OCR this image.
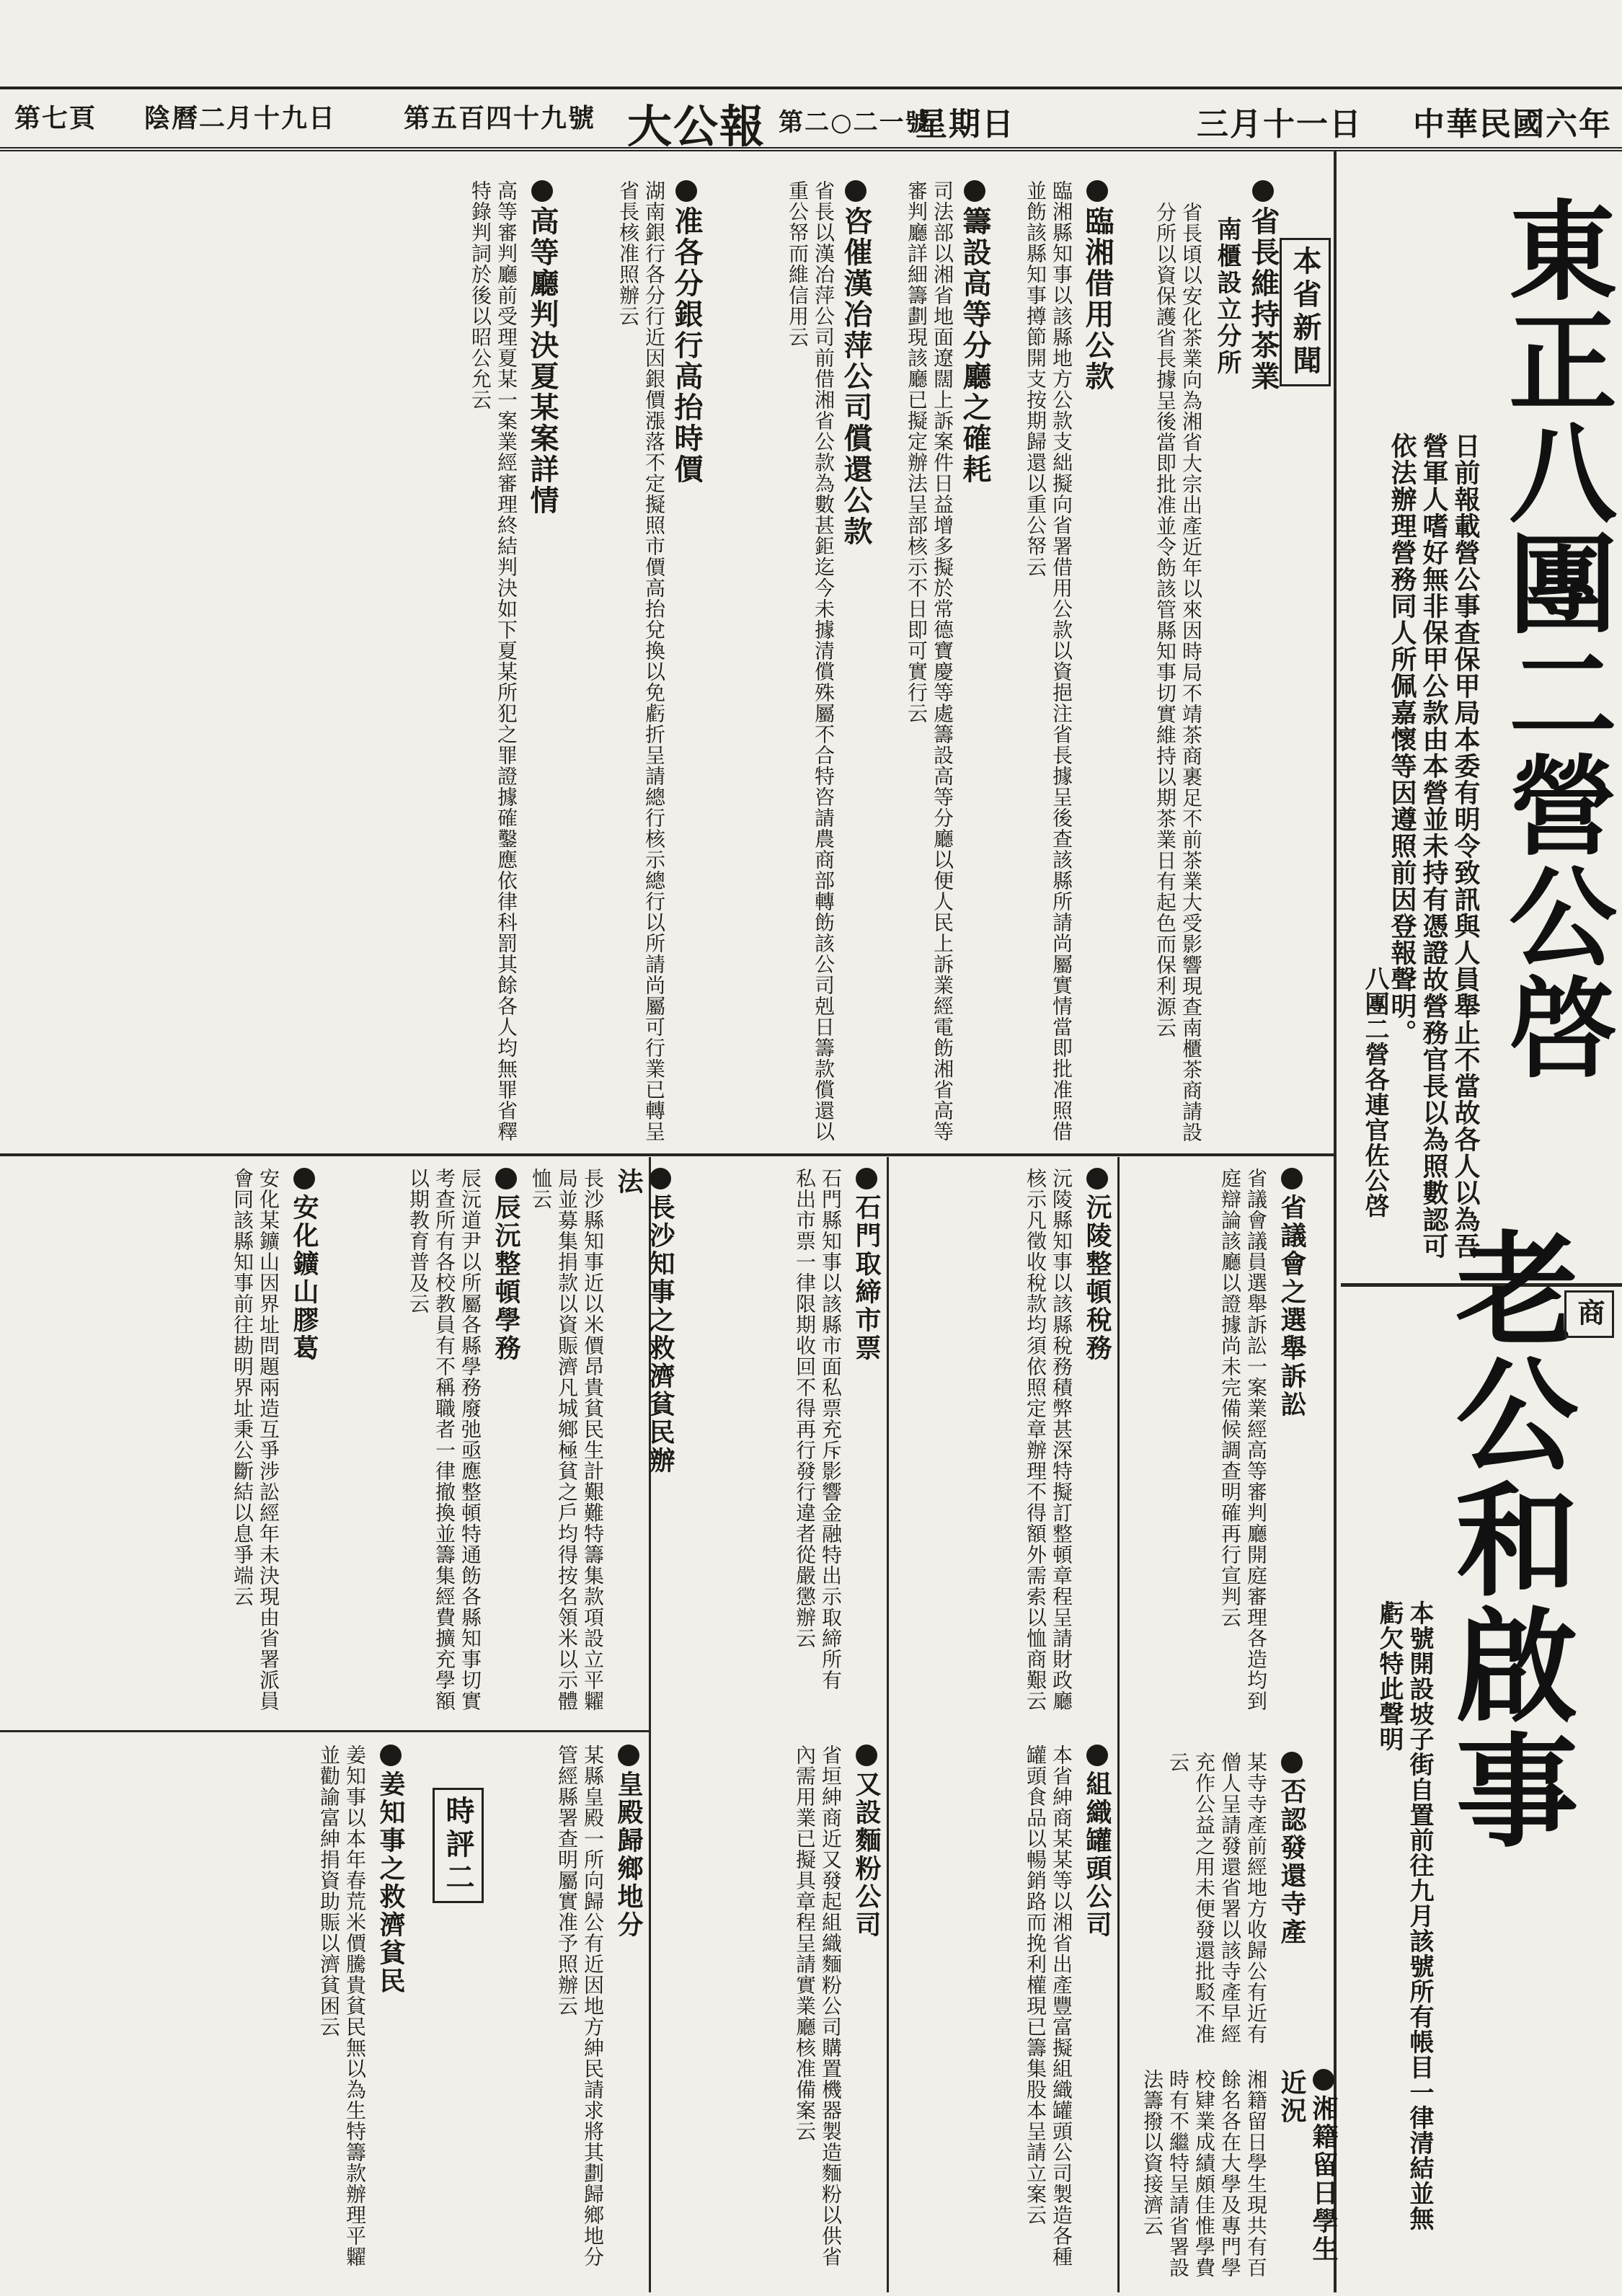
中華民國六年
三月十一日
星期日
大公報 第二○二一號
第五百四十九號
陰曆二月十九日
第七頁
東正八團二營公啓
日前報載營公事查保甲局本委有明令致訊與人員舉止不當故各人以為吾營軍人嗜好無非保甲公款由本營並未持有憑證故營務官長以為照數認可依法辦理營務同人所佩嘉懷等因遵照前因登報聲明。
八團二營各連官佐公啓
老公和啟事
本號開設坡子街自置前往九月該號所有帳目一律清結並無虧欠特此聲明
商
本省新聞
省長維持茶業
南櫃設立分所
省長頃以安化茶業向為湘省大宗出產近年以來因時局不靖茶商裹足不前茶業大受影響現查南櫃茶商請設分所以資保護省長據呈後當即批准並令飭該管縣知事切實維持以期茶業日有起色而保利源云
臨湘借用公款
臨湘縣知事以該縣地方公款支絀擬向省署借用公款以資挹注省長據呈後查該縣所請尚屬實情當即批准照借並飭該縣知事撙節開支按期歸還以重公帑云
籌設高等分廳之確耗
司法部以湘省地面遼闊上訴案件日益增多擬於常德寶慶等處籌設高等分廳以便人民上訴業經電飭湘省高等審判廳詳細籌劃現該廳已擬定辦法呈部核示不日即可實行云
咨催漢冶萍公司償還公款
省長以漢冶萍公司前借湘省公款為數甚鉅迄今未據清償殊屬不合特咨請農商部轉飭該公司剋日籌款償還以重公帑而維信用云
准各分銀行高抬時價
湖南銀行各分行近因銀價漲落不定擬照市價高抬兌換以免虧折呈請總行核示總行以所請尚屬可行業已轉呈省長核准照辦云
高等廳判決夏某案詳情
高等審判廳前受理夏某一案業經審理終結判決如下夏某所犯之罪證據確鑿應依律科罰其餘各人均無罪省釋特錄判詞於後以昭公允云
省議會之選舉訴訟
省議會議員選舉訴訟一案業經高等審判廳開庭審理各造均到庭辯論該廳以證據尚未完備候調查明確再行宣判云
否認發還寺產
某寺寺產前經地方收歸公有近有僧人呈請發還省署以該寺產早經充作公益之用未便發還批駁不准云
湘籍留日學生近況
湘籍留日學生現共有百餘名各在大學及專門學校肄業成績頗佳惟學費時有不繼特呈請省署設法籌撥以資接濟云
沅陵整頓稅務
沅陵縣知事以該縣稅務積弊甚深特擬訂整頓章程呈請財政廳核示凡徵收稅款均須依照定章辦理不得額外需索以恤商艱云
組織罐頭公司
本省紳商某某等以湘省出產豐富擬組織罐頭公司製造各種罐頭食品以暢銷路而挽利權現已籌集股本呈請立案云
石門取締市票
石門縣知事以該縣市面私票充斥影響金融特出示取締所有私出市票一律限期收回不得再行發行違者從嚴懲辦云
又設麵粉公司
省垣紳商近又發起組織麵粉公司購置機器製造麵粉以供省內需用業已擬具章程呈請實業廳核准備案云
長沙知事之救濟貧民辦法
長沙縣知事近以米價昂貴貧民生計艱難特籌集款項設立平糶局並募集捐款以資賑濟凡城鄉極貧之戶均得按名領米以示體恤云
辰沅整頓學務
辰沅道尹以所屬各縣學務廢弛亟應整頓特通飭各縣知事切實考查所有各校教員有不稱職者一律撤換並籌集經費擴充學額以期教育普及云
安化鑛山膠葛
安化某鑛山因界址問題兩造互爭涉訟經年未決現由省署派員會同該縣知事前往勘明界址秉公斷結以息爭端云
皇殿歸鄉地分
某縣皇殿一所向歸公有近因地方紳民請求將其劃歸鄉地分管經縣署查明屬實准予照辦云
時評二
姜知事之救濟貧民
姜知事以本年春荒米價騰貴貧民無以為生特籌款辦理平糶並勸諭富紳捐資助賑以濟貧困云
